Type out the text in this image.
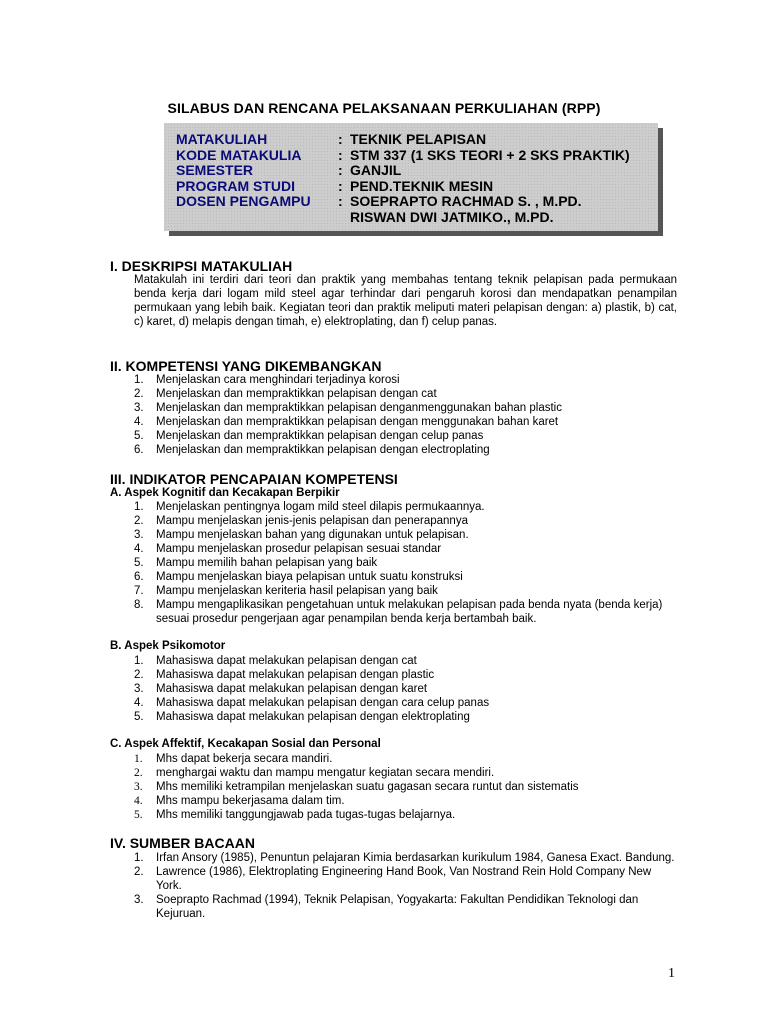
SILABUS DAN RENCANA PELAKSANAAN PERKULIAHAN (RPP)
MATAKULIAH	: TEKNIK PELAPISAN
KODE MATAKULIA	: STM 337 (1 SKS TEORI + 2 SKS PRAKTIK)
SEMESTER	: GANJIL
PROGRAM STUDI	: PEND.TEKNIK MESIN
DOSEN PENGAMPU	: SOEPRAPTO RACHMAD S. , M.PD.
RISWAN DWI JATMIKO., M.PD.
I. DESKRIPSI MATAKULIAH
Matakulah ini terdiri dari teori dan praktik yang membahas tentang teknik pelapisan pada permukaan benda kerja dari logam mild steel agar terhindar dari pengaruh korosi dan mendapatkan penampilan permukaan yang lebih baik. Kegiatan teori dan praktik meliputi materi pelapisan dengan: a) plastik, b) cat, c) karet, d) melapis dengan timah, e) elektroplating, dan f) celup panas.
II. KOMPETENSI YANG DIKEMBANGKAN
1.	Menjelaskan cara menghindari terjadinya korosi
2.	Menjelaskan dan mempraktikkan pelapisan dengan cat
3.	Menjelaskan dan mempraktikkan pelapisan denganmenggunakan bahan plastic
4.	Menjelaskan dan mempraktikkan pelapisan dengan menggunakan bahan karet
5.	Menjelaskan dan mempraktikkan pelapisan dengan celup panas
6.	Menjelaskan dan mempraktikkan pelapisan dengan electroplating
III. INDIKATOR PENCAPAIAN KOMPETENSI
A. Aspek Kognitif dan Kecakapan Berpikir
1.	Menjelaskan pentingnya logam mild steel dilapis permukaannya.
2.	Mampu menjelaskan jenis-jenis pelapisan dan penerapannya
3.	Mampu menjelaskan bahan yang digunakan untuk pelapisan.
4.	Mampu menjelaskan prosedur pelapisan sesuai standar
5.	Mampu memilih bahan pelapisan yang baik
6.	Mampu menjelaskan biaya pelapisan untuk suatu konstruksi
7.	Mampu menjelaskan keriteria hasil pelapisan yang baik
8.	Mampu mengaplikasikan pengetahuan untuk melakukan pelapisan pada benda nyata (benda kerja) sesuai prosedur pengerjaan agar penampilan benda kerja bertambah baik.
B. Aspek Psikomotor
1.	Mahasiswa dapat melakukan pelapisan dengan cat
2.	Mahasiswa dapat melakukan pelapisan dengan plastic
3.	Mahasiswa dapat melakukan pelapisan dengan karet
4.	Mahasiswa dapat melakukan pelapisan dengan cara celup panas
5.	Mahasiswa dapat melakukan pelapisan dengan elektroplating
C. Aspek Affektif, Kecakapan Sosial dan Personal
1.	Mhs dapat bekerja secara mandiri.
2.	menghargai waktu dan mampu mengatur kegiatan secara mendiri.
3.	Mhs memiliki ketrampilan menjelaskan suatu gagasan secara runtut dan sistematis
4.	Mhs mampu bekerjasama dalam tim.
5.	Mhs memiliki tanggungjawab pada tugas-tugas belajarnya.
IV. SUMBER BACAAN
1.	Irfan Ansory (1985), Penuntun pelajaran Kimia berdasarkan kurikulum 1984, Ganesa Exact. Bandung.
2.	Lawrence (1986), Elektroplating Engineering Hand Book, Van Nostrand Rein Hold Company New York.
3.	Soeprapto Rachmad (1994), Teknik Pelapisan, Yogyakarta: Fakultan Pendidikan Teknologi dan Kejuruan.
1
